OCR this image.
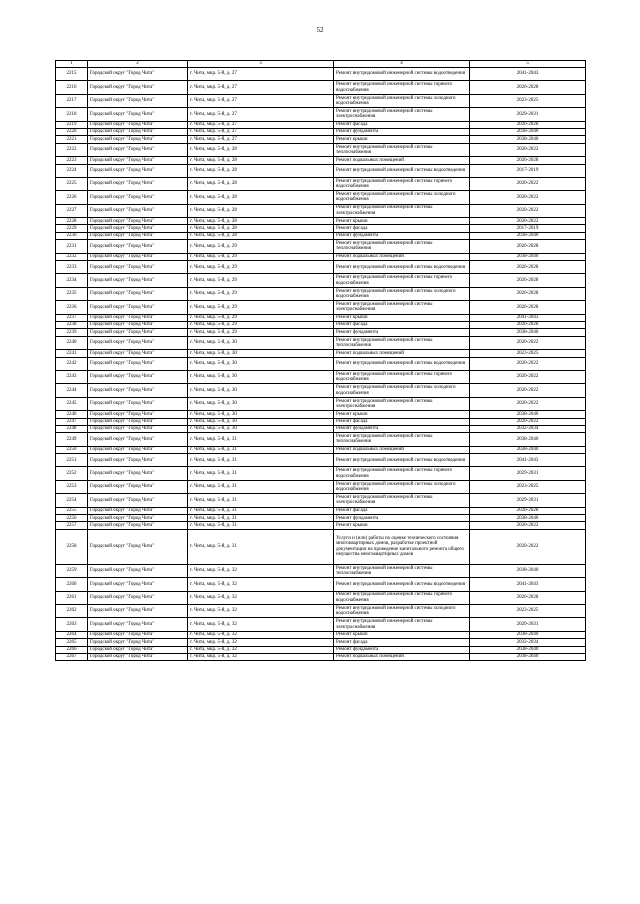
52
1	2	3	4	5
2215	Городской округ "Город Чита"	г. Чита, мкр. 5-й, д. 27	Ремонт внутридомовой инженерной системы водоотведения	2041-2043
2216	Городской округ "Город Чита"	г. Чита, мкр. 5-й, д. 27	Ремонт внутридомовой инженерной системы горячего водоснабжения	2026-2028
2217	Городской округ "Город Чита"	г. Чита, мкр. 5-й, д. 27	Ремонт внутридомовой инженерной системы холодного водоснабжения	2023-2025
2218	Городской округ "Город Чита"	г. Чита, мкр. 5-й, д. 27	Ремонт внутридомовой инженерной системы электроснабжения	2029-2031
2219	Городской округ "Город Чита"	г. Чита, мкр. 5-й, д. 27	Ремонт фасада	2026-2028
2220	Городской округ "Город Чита"	г. Чита, мкр. 5-й, д. 27	Ремонт фундамента	2038-2040
2221	Городской округ "Город Чита"	г. Чита, мкр. 5-й, д. 27	Ремонт крыши	2038-2040
2222	Городской округ "Город Чита"	г. Чита, мкр. 5-й, д. 28	Ремонт внутридомовой инженерной системы теплоснабжения	2020-2022
2223	Городской округ "Город Чита"	г. Чита, мкр. 5-й, д. 28	Ремонт подвальных помещений	2026-2028
2224	Городской округ "Город Чита"	г. Чита, мкр. 5-й, д. 28	Ремонт внутридомовой инженерной системы водоотведения	2017-2019
2225	Городской округ "Город Чита"	г. Чита, мкр. 5-й, д. 28	Ремонт внутридомовой инженерной системы горячего водоснабжения	2020-2022
2226	Городской округ "Город Чита"	г. Чита, мкр. 5-й, д. 28	Ремонт внутридомовой инженерной системы холодного водоснабжения	2020-2022
2227	Городской округ "Город Чита"	г. Чита, мкр. 5-й, д. 28	Ремонт внутридомовой инженерной системы электроснабжения	2020-2022
2228	Городской округ "Город Чита"	г. Чита, мкр. 5-й, д. 28	Ремонт крыши	2020-2022
2229	Городской округ "Город Чита"	г. Чита, мкр. 5-й, д. 28	Ремонт фасада	2017-2019
2230	Городской округ "Город Чита"	г. Чита, мкр. 5-й, д. 28	Ремонт фундамента	2038-2040
2231	Городской округ "Город Чита"	г. Чита, мкр. 5-й, д. 29	Ремонт внутридомовой инженерной системы теплоснабжения	2026-2028
2232	Городской округ "Город Чита"	г. Чита, мкр. 5-й, д. 29	Ремонт подвальных помещений	2038-2040
2233	Городской округ "Город Чита"	г. Чита, мкр. 5-й, д. 29	Ремонт внутридомовой инженерной системы водоотведения	2026-2028
2234	Городской округ "Город Чита"	г. Чита, мкр. 5-й, д. 29	Ремонт внутридомовой инженерной системы горячего водоснабжения	2026-2028
2235	Городской округ "Город Чита"	г. Чита, мкр. 5-й, д. 29	Ремонт внутридомовой инженерной системы холодного водоснабжения	2026-2028
2236	Городской округ "Город Чита"	г. Чита, мкр. 5-й, д. 29	Ремонт внутридомовой инженерной системы электроснабжения	2026-2028
2237	Городской округ "Город Чита"	г. Чита, мкр. 5-й, д. 29	Ремонт крыши	2041-2043
2238	Городской округ "Город Чита"	г. Чита, мкр. 5-й, д. 29	Ремонт фасада	2026-2028
2239	Городской округ "Город Чита"	г. Чита, мкр. 5-й, д. 29	Ремонт фундамента	2038-2040
2240	Городской округ "Город Чита"	г. Чита, мкр. 5-й, д. 30	Ремонт внутридомовой инженерной системы теплоснабжения	2020-2022
2241	Городской округ "Город Чита"	г. Чита, мкр. 5-й, д. 30	Ремонт подвальных помещений	2023-2025
2242	Городской округ "Город Чита"	г. Чита, мкр. 5-й, д. 30	Ремонт внутридомовой инженерной системы водоотведения	2020-2022
2243	Городской округ "Город Чита"	г. Чита, мкр. 5-й, д. 30	Ремонт внутридомовой инженерной системы горячего водоснабжения	2020-2022
2244	Городской округ "Город Чита"	г. Чита, мкр. 5-й, д. 30	Ремонт внутридомовой инженерной системы холодного водоснабжения	2020-2022
2245	Городской округ "Город Чита"	г. Чита, мкр. 5-й, д. 30	Ремонт внутридомовой инженерной системы электроснабжения	2020-2022
2246	Городской округ "Город Чита"	г. Чита, мкр. 5-й, д. 30	Ремонт крыши	2038-2040
2247	Городской округ "Город Чита"	г. Чита, мкр. 5-й, д. 30	Ремонт фасада	2020-2022
2248	Городской округ "Город Чита"	г. Чита, мкр. 5-й, д. 30	Ремонт фундамента	2032-2034
2249	Городской округ "Город Чита"	г. Чита, мкр. 5-й, д. 31	Ремонт внутридомовой инженерной системы теплоснабжения	2038-2040
2250	Городской округ "Город Чита"	г. Чита, мкр. 5-й, д. 31	Ремонт подвальных помещений	2038-2040
2251	Городской округ "Город Чита"	г. Чита, мкр. 5-й, д. 31	Ремонт внутридомовой инженерной системы водоотведения	2041-2043
2252	Городской округ "Город Чита"	г. Чита, мкр. 5-й, д. 31	Ремонт внутридомовой инженерной системы горячего водоснабжения	2029-2031
2253	Городской округ "Город Чита"	г. Чита, мкр. 5-й, д. 31	Ремонт внутридомовой инженерной системы холодного водоснабжения	2023-2025
2254	Городской округ "Город Чита"	г. Чита, мкр. 5-й, д. 31	Ремонт внутридомовой инженерной системы электроснабжения	2029-2031
2255	Городской округ "Город Чита"	г. Чита, мкр. 5-й, д. 31	Ремонт фасада	2026-2028
2256	Городской округ "Город Чита"	г. Чита, мкр. 5-й, д. 31	Ремонт фундамента	2038-2040
2257	Городской округ "Город Чита"	г. Чита, мкр. 5-й, д. 31	Ремонт крыши	2020-2022
2258	Городской округ "Город Чита"	г. Чита, мкр. 5-й, д. 31	Услуги и (или) работы по оценке технического состояния многоквартирных домов, разработке проектной документации на проведение капитального ремонта общего имущества многоквартирных домов	2020-2022
2259	Городской округ "Город Чита"	г. Чита, мкр. 5-й, д. 32	Ремонт внутридомовой инженерной системы теплоснабжения	2038-2040
2260	Городской округ "Город Чита"	г. Чита, мкр. 5-й, д. 32	Ремонт внутридомовой инженерной системы водоотведения	2041-2043
2261	Городской округ "Город Чита"	г. Чита, мкр. 5-й, д. 32	Ремонт внутридомовой инженерной системы горячего водоснабжения	2026-2028
2262	Городской округ "Город Чита"	г. Чита, мкр. 5-й, д. 32	Ремонт внутридомовой инженерной системы холодного водоснабжения	2023-2025
2263	Городской округ "Город Чита"	г. Чита, мкр. 5-й, д. 32	Ремонт внутридомовой инженерной системы электроснабжения	2029-2031
2264	Городской округ "Город Чита"	г. Чита, мкр. 5-й, д. 32	Ремонт крыши	2038-2040
2265	Городской округ "Город Чита"	г. Чита, мкр. 5-й, д. 32	Ремонт фасада	2032-2034
2266	Городской округ "Город Чита"	г. Чита, мкр. 5-й, д. 32	Ремонт фундамента	2038-2040
2267	Городской округ "Город Чита"	г. Чита, мкр. 5-й, д. 32	Ремонт подвальных помещений	2038-2040
